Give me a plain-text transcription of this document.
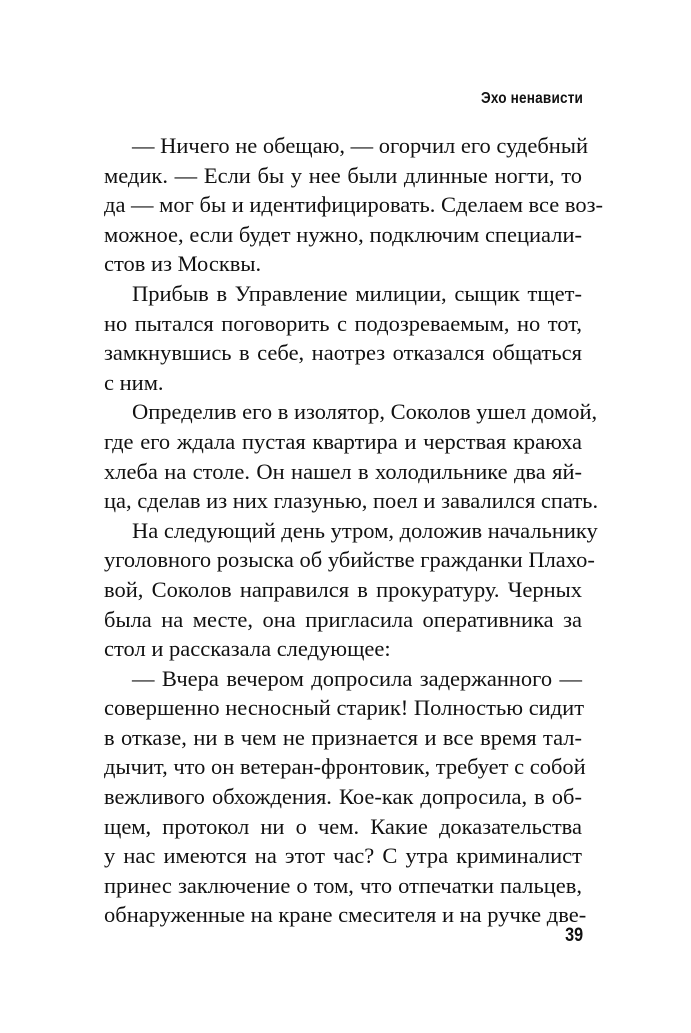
Эхо ненависти
— Ничего не обещаю, — огорчил его судебный
медик. — Если бы у нее были длинные ногти, то
да — мог бы и идентифицировать. Сделаем все воз-
можное, если будет нужно, подключим специали-
стов из Москвы.
Прибыв в Управление милиции, сыщик тщет-
но пытался поговорить с подозреваемым, но тот,
замкнувшись в себе, наотрез отказался общаться
с ним.
Определив его в изолятор, Соколов ушел домой,
где его ждала пустая квартира и черствая краюха
хлеба на столе. Он нашел в холодильнике два яй-
ца, сделав из них глазунью, поел и завалился спать.
На следующий день утром, доложив начальнику
уголовного розыска об убийстве гражданки Плахо-
вой, Соколов направился в прокуратуру. Черных
была на месте, она пригласила оперативника за
стол и рассказала следующее:
— Вчера вечером допросила задержанного —
совершенно несносный старик! Полностью сидит
в отказе, ни в чем не признается и все время тал-
дычит, что он ветеран-фронтовик, требует с собой
вежливого обхождения. Кое-как допросила, в об-
щем, протокол ни о чем. Какие доказательства
у нас имеются на этот час? С утра криминалист
принес заключение о том, что отпечатки пальцев,
обнаруженные на кране смесителя и на ручке две-
39
